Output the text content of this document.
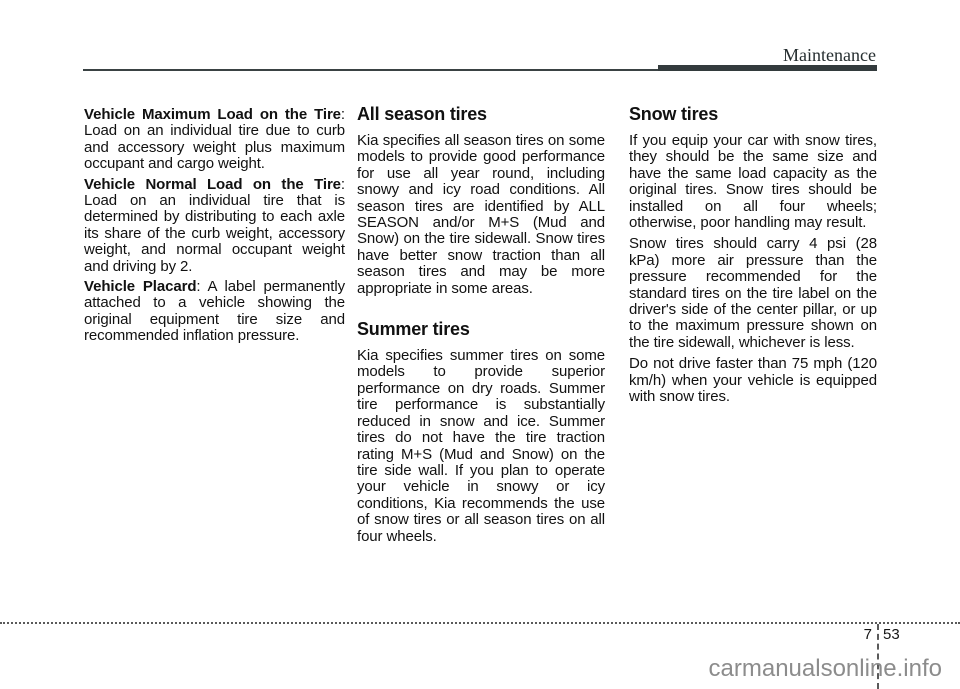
Maintenance

Vehicle Maximum Load on the Tire: Load on an individual tire due to curb and accessory weight plus maximum occupant and cargo weight.

Vehicle Normal Load on the Tire: Load on an individual tire that is determined by distributing to each axle its share of the curb weight, accessory weight, and normal occupant weight and driving by 2.

Vehicle Placard: A label permanently attached to a vehicle showing the original equipment tire size and recommended inflation pressure.

All season tires

Kia specifies all season tires on some models to provide good performance for use all year round, including snowy and icy road conditions. All season tires are identified by ALL SEASON and/or M+S (Mud and Snow) on the tire sidewall. Snow tires have better snow traction than all season tires and may be more appropriate in some areas.

Summer tires

Kia specifies summer tires on some models to provide superior performance on dry roads. Summer tire performance is substantially reduced in snow and ice. Summer tires do not have the tire traction rating M+S (Mud and Snow) on the tire side wall. If you plan to operate your vehicle in snowy or icy conditions, Kia recommends the use of snow tires or all season tires on all four wheels.

Snow tires

If you equip your car with snow tires, they should be the same size and have the same load capacity as the original tires. Snow tires should be installed on all four wheels; otherwise, poor handling may result.

Snow tires should carry 4 psi (28 kPa) more air pressure than the pressure recommended for the standard tires on the tire label on the driver's side of the center pillar, or up to the maximum pressure shown on the tire sidewall, whichever is less.

Do not drive faster than 75 mph (120 km/h) when your vehicle is equipped with snow tires.

7 53
carmanualsonline.info
